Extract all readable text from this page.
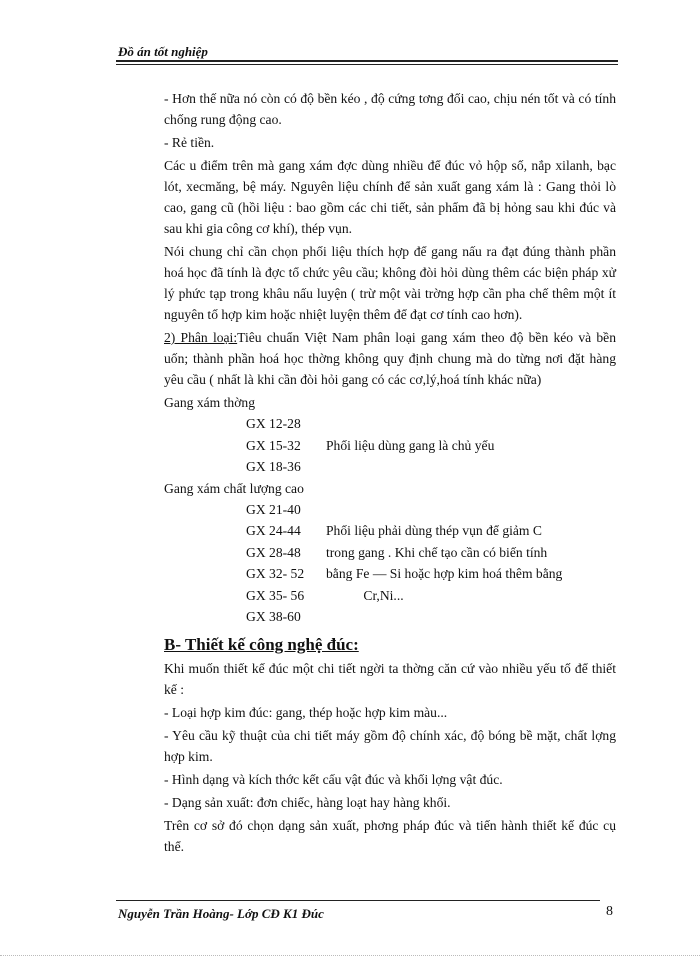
Đồ án tốt nghiệp

- Hơn thế nữa nó còn có độ bền kéo , độ cứng tơng đối cao, chịu nén tốt và có tính chống rung động cao.

- Rẻ tiền.

Các u điểm trên mà gang xám đợc dùng nhiều để đúc vỏ hộp số, nắp xilanh, bạc lót, xecmăng, bệ máy. Nguyên liệu chính để sản xuất gang xám là : Gang thỏi lò cao, gang cũ (hồi liệu : bao gồm các chi tiết, sản phẩm đã bị hỏng sau khi đúc và sau khi gia công cơ khí), thép vụn.

Nói chung chỉ cần chọn phối liệu thích hợp để gang nấu ra đạt đúng thành phần hoá học đã tính là đợc tổ chức yêu cầu; không đòi hỏi dùng thêm các biện pháp xử lý phức tạp trong khâu nấu luyện ( trừ một vài trờng hợp cần pha chế thêm một ít nguyên tố hợp kim hoặc nhiệt luyện thêm để đạt cơ tính cao hơn).

2) Phân loại:Tiêu chuẩn Việt Nam phân loại gang xám theo độ bền kéo và bền uốn; thành phần hoá học thờng không quy định chung mà do từng nơi đặt hàng yêu cầu ( nhất là khi cần đòi hỏi gang có các cơ,lý,hoá tính khác nữa)

Gang xám thờng

GX 12-28
GX 15-32	Phối liệu dùng gang là chủ yếu
GX 18-36

Gang xám chất lượng cao

GX 21-40
GX 24-44	Phối liệu phải dùng thép vụn để giảm C
GX 28-48	trong gang . Khi chế tạo cần có biến tính
GX 32- 52	bằng Fe — Si hoặc hợp kim hoá thêm bằng
GX 35- 56	Cr,Ni...
GX 38-60
B- Thiết kế công nghệ đúc:

Khi muốn thiết kế đúc một chi tiết ngời ta thờng căn cứ vào nhiều yếu tố để thiết kế :

- Loại hợp kim đúc: gang, thép hoặc hợp kim màu...

- Yêu cầu kỹ thuật của chi tiết máy gồm độ chính xác, độ bóng bề mặt, chất lợng hợp kim.

- Hình dạng và kích thớc kết cấu vật đúc và khối lợng vật đúc.

- Dạng sản xuất: đơn chiếc, hàng loạt hay hàng khối.

Trên cơ sở đó chọn dạng sản xuất, phơng pháp đúc và tiến hành thiết kế đúc cụ thể.

Nguyễn Trần Hoàng- Lớp CĐ K1 Đúc	8
